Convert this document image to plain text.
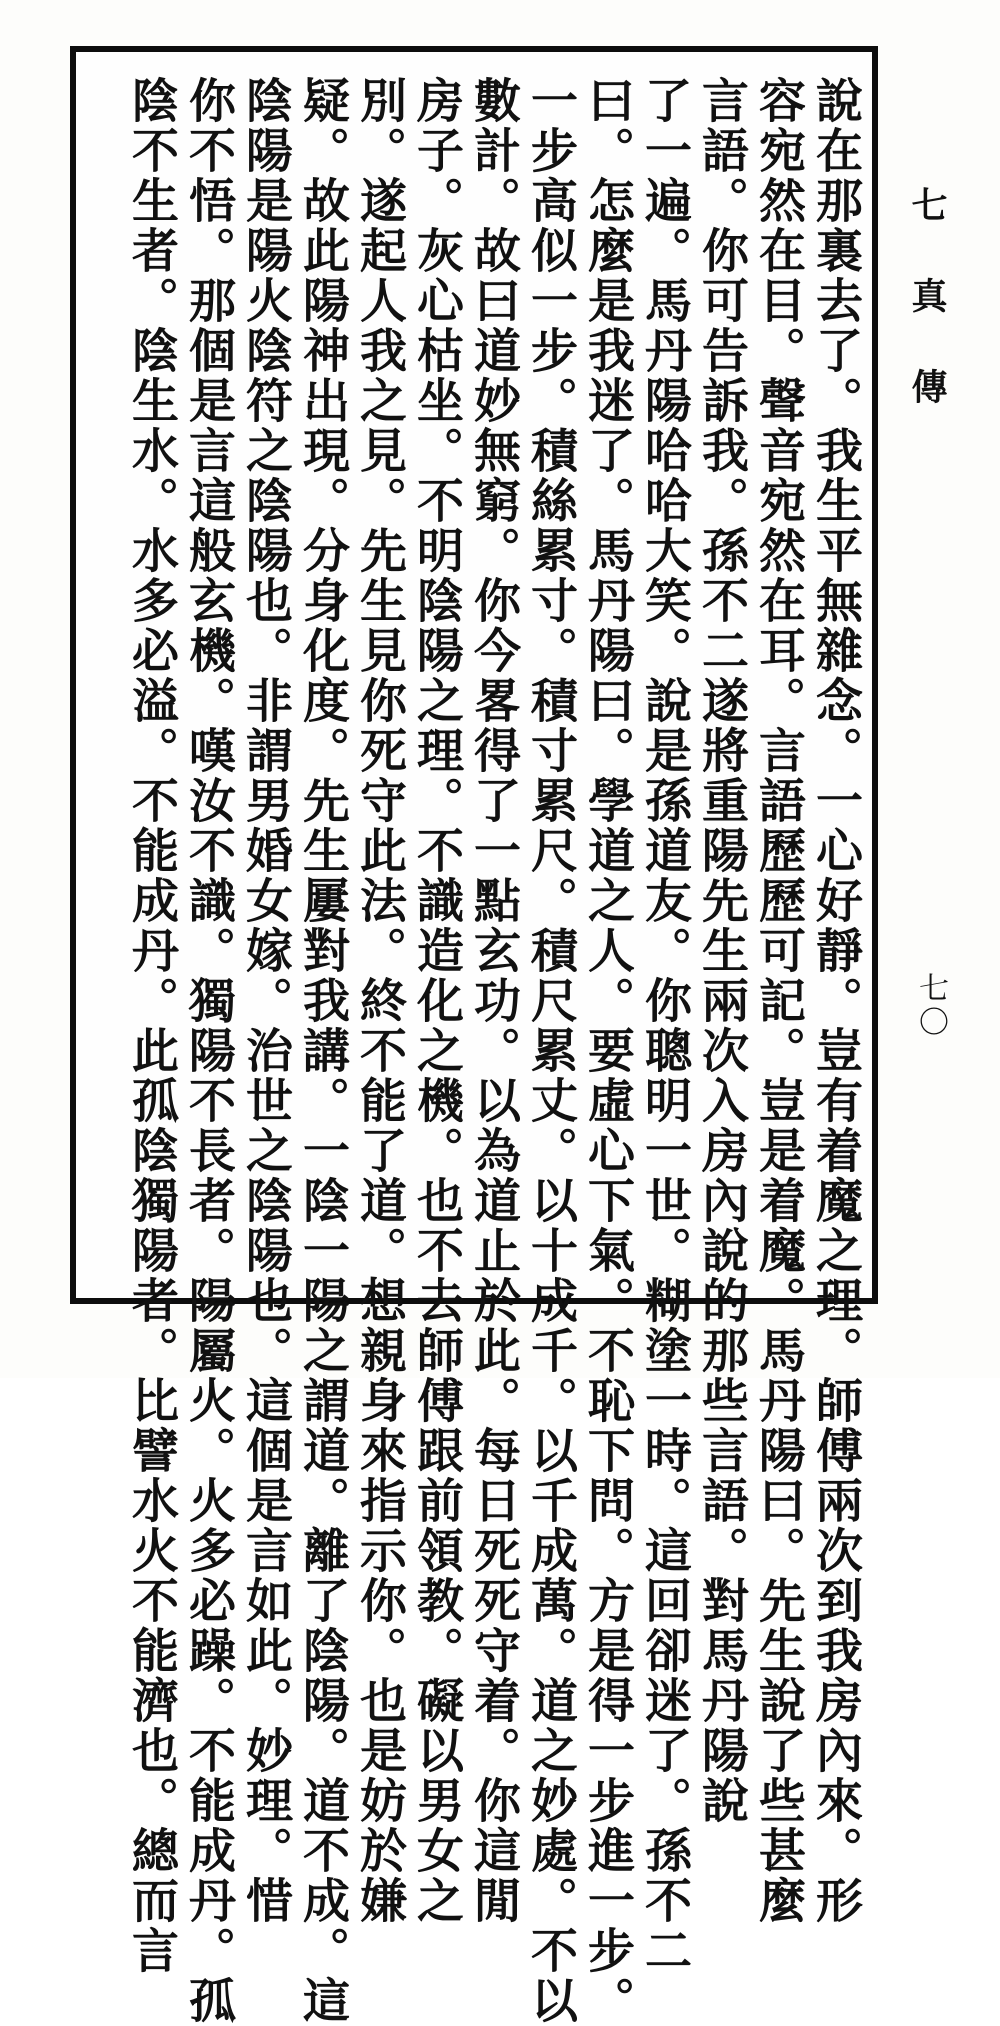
說在那裏去了。我生平無雜念。一心好靜。豈有着魔之理。師傅兩次到我房內來。形
容宛然在目。聲音宛然在耳。言語歷歷可記。豈是着魔。馬丹陽曰。先生說了些甚麼
言語。你可告訴我。孫不二遂將重陽先生兩次入房內說的那些言語。對馬丹陽說
了一遍。馬丹陽哈哈大笑。說是孫道友。你聰明一世。糊塗一時。這回卻迷了。孫不二
曰。怎麼是我迷了。馬丹陽曰。學道之人。要虛心下氣。不恥下問。方是得一步進一步。
一步高似一步。積絲累寸。積寸累尺。積尺累丈。以十成千。以千成萬。道之妙處。不以
數計。故曰道妙無窮。你今畧得了一點玄功。以為道止於此。每日死死守着。你這閒
房子。灰心枯坐。不明陰陽之理。不識造化之機。也不去師傅跟前領教。礙以男女之
別。遂起人我之見。先生見你死守此法。終不能了道。想親身來指示你。也是妨於嫌
疑。故此陽神出現。分身化度。先生屢對我講。一陰一陽之謂道。離了陰陽。道不成。這
陰陽是陽火陰符之陰陽也。非謂男婚女嫁。治世之陰陽也。這個是言如此。妙理。惜
你不悟。那個是言這般玄機。嘆汝不識。獨陽不長者。陽屬火。火多必躁。不能成丹。孤
陰不生者。陰生水。水多必溢。不能成丹。此孤陰獨陽者。比譬水火不能濟也。總而言	七真傳
七〇
